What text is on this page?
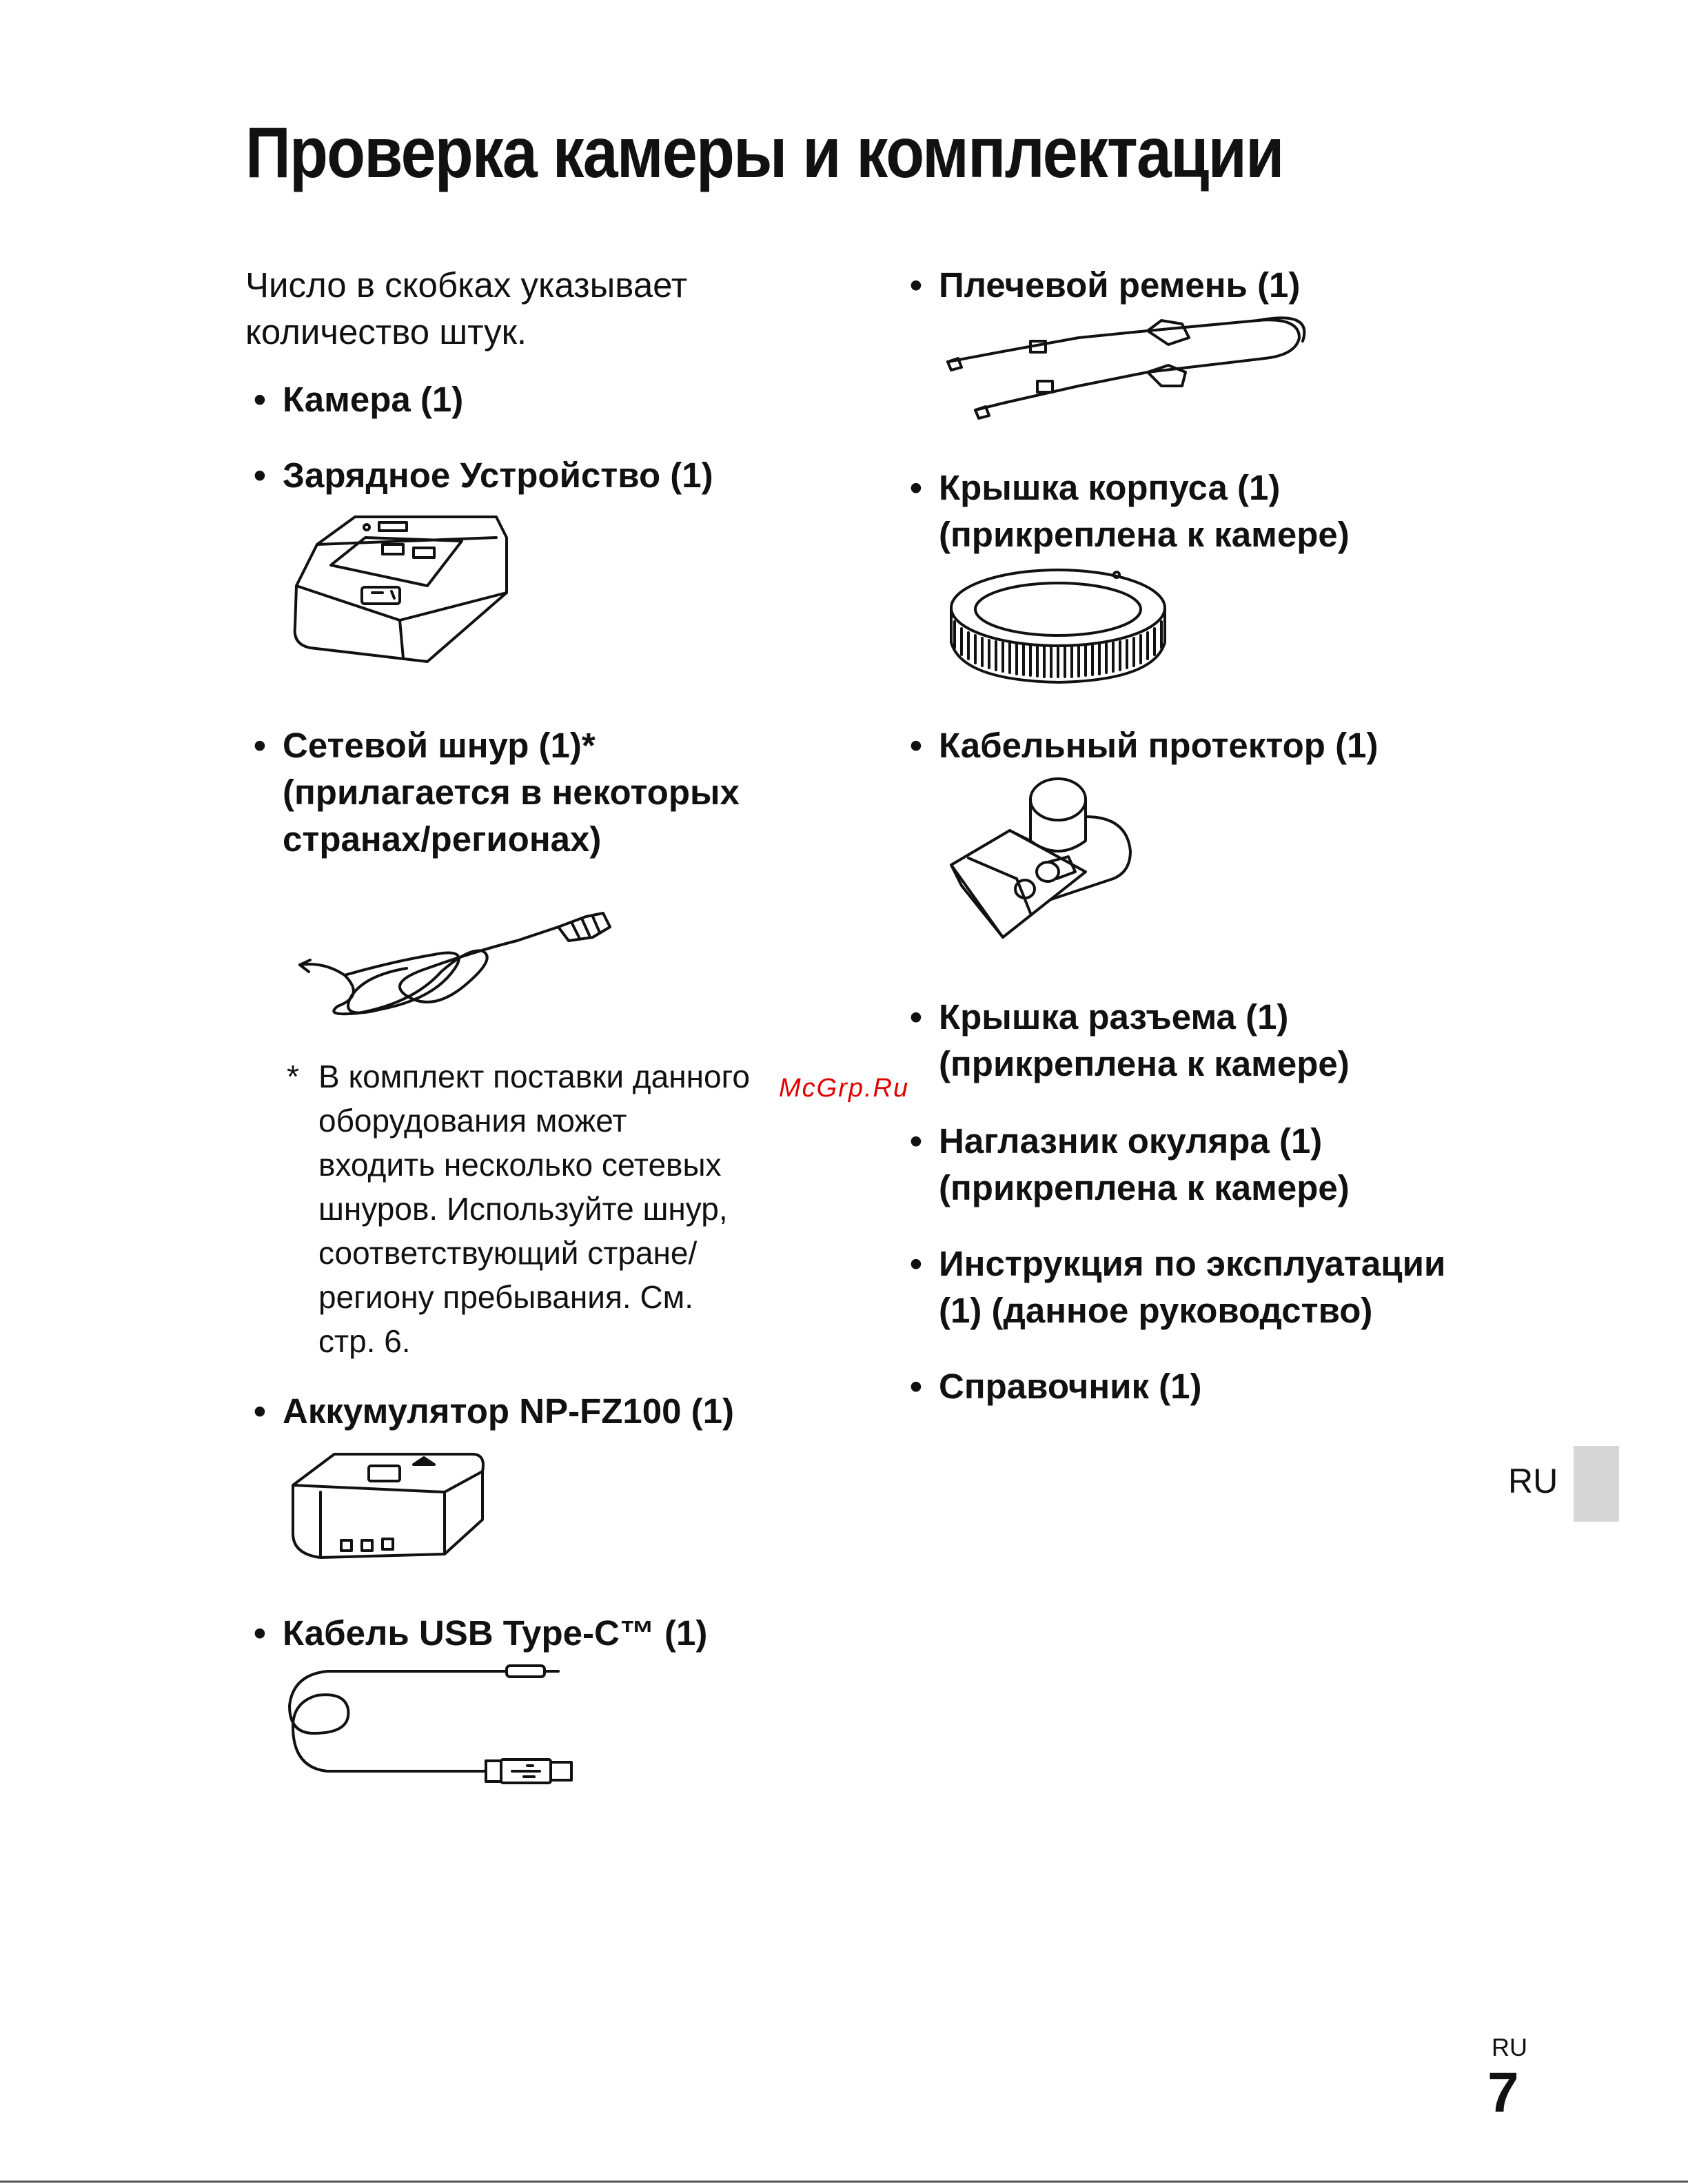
Проверка камеры и комплектации
Число в скобках указывает количество штук.
• Камера (1)
• Зарядное Устройство (1)
• Сетевой шнур (1)*
(прилагается в некоторых
странах/регионах)
* В комплект поставки данного
оборудования может
входить несколько сетевых
шнуров. Используйте шнур,
соответствующий стране/
региону пребывания. См.
стр. 6.
• Аккумулятор NP-FZ100 (1)
• Кабель USB Type-C™ (1)
• Плечевой ремень (1)
• Крышка корпуса (1)
(прикреплена к камере)
• Кабельный протектор (1)
• Крышка разъема (1)
(прикреплена к камере)
• Наглазник окуляра (1)
(прикреплена к камере)
• Инструкция по эксплуатации
(1) (данное руководство)
• Справочник (1)
McGrp.Ru
RU
RU
7
